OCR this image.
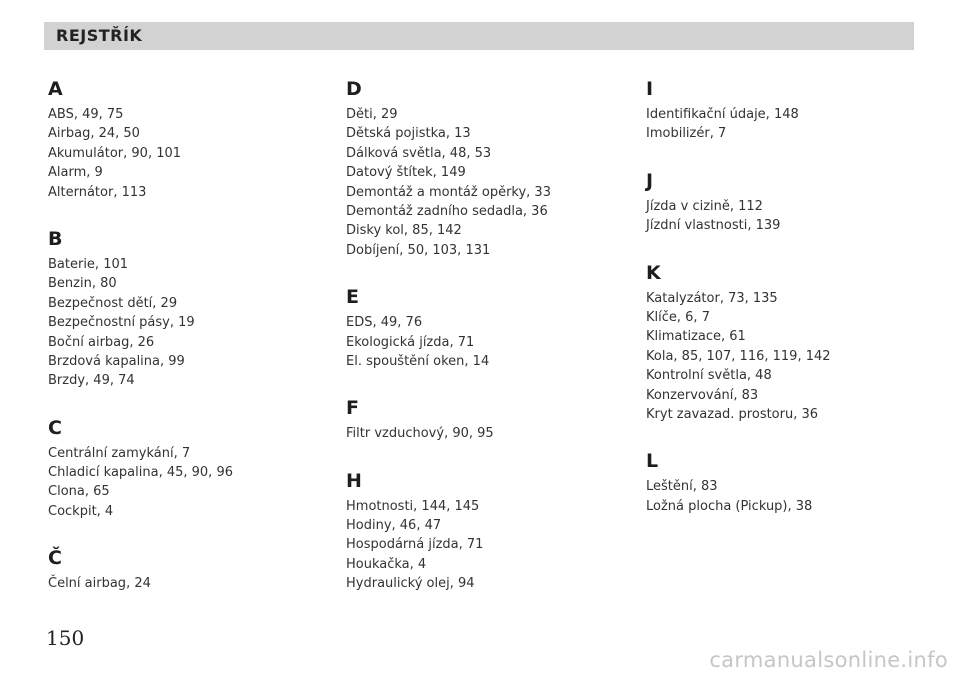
REJSTŘÍK
A
ABS, 49, 75
Airbag, 24, 50
Akumulátor, 90, 101
Alarm, 9
Alternátor, 113
B
Baterie, 101
Benzin, 80
Bezpečnost dětí, 29
Bezpečnostní pásy, 19
Boční airbag, 26
Brzdová kapalina, 99
Brzdy, 49, 74
C
Centrální zamykání, 7
Chladicí kapalina, 45, 90, 96
Clona, 65
Cockpit, 4
Č
Čelní airbag, 24
D
Děti, 29
Dětská pojistka, 13
Dálková světla, 48, 53
Datový štítek, 149
Demontáž a montáž opěrky, 33
Demontáž zadního sedadla, 36
Disky kol, 85, 142
Dobíjení, 50, 103, 131
E
EDS, 49, 76
Ekologická jízda, 71
El. spouštění oken, 14
F
Filtr vzduchový, 90, 95
H
Hmotnosti, 144, 145
Hodiny, 46, 47
Hospodárná jízda, 71
Houkačka, 4
Hydraulický olej, 94
I
Identifikační údaje, 148
Imobilizér, 7
J
Jízda v cizině, 112
Jízdní vlastnosti, 139
K
Katalyzátor, 73, 135
Klíče, 6, 7
Klimatizace, 61
Kola, 85, 107, 116, 119, 142
Kontrolní světla, 48
Konzervování, 83
Kryt zavazad. prostoru, 36
L
Leštění, 83
Ložná plocha (Pickup), 38
150
carmanualsonline.info
